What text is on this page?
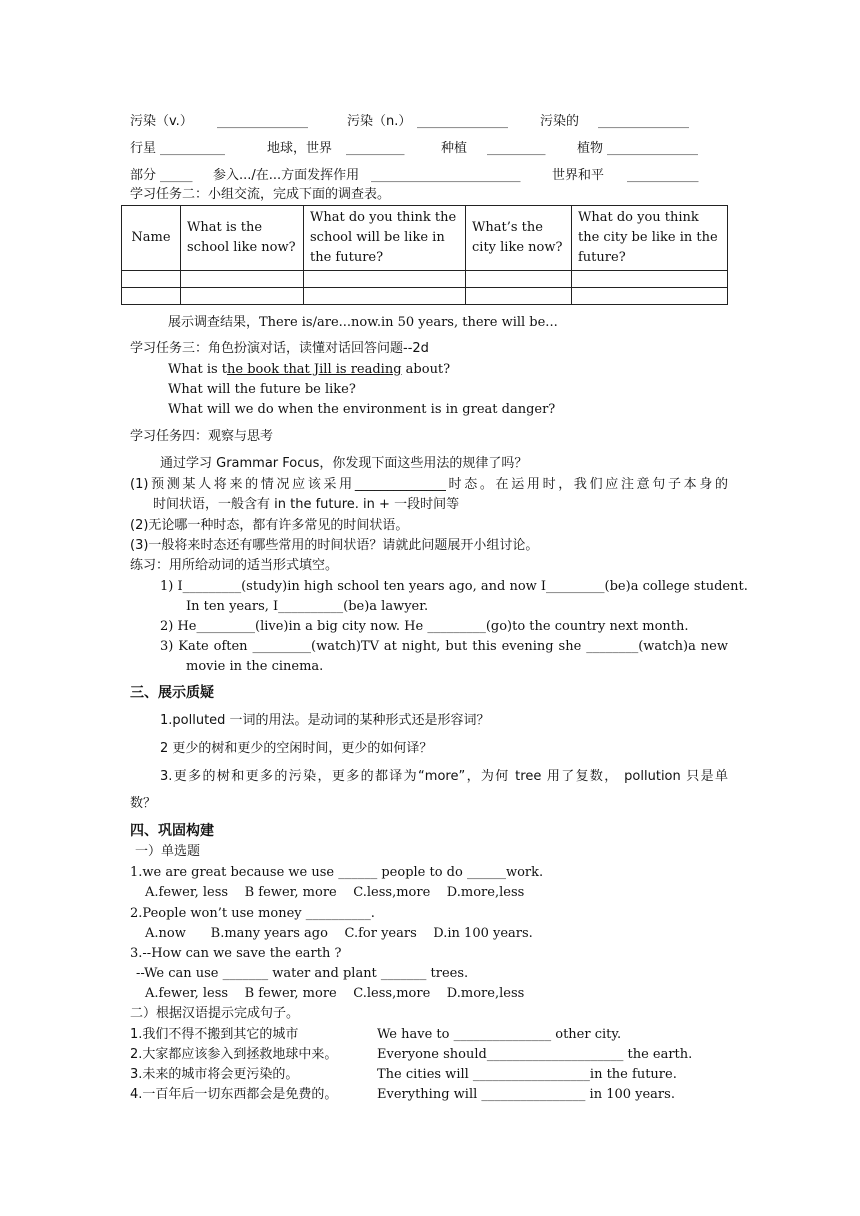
污染（v.） ______________	污染（n.） ______________ 污染的 ______________
行星 __________	地球，世界 _________	种植 _________ 植物 ______________
部分 _____ 参入.../在...方面发挥作用 _______________________ 世界和平 ___________
学习任务二：小组交流，完成下面的调查表。
Name	What is the school like now?	What do you think the school will be like in the future?	What’s the city like now?	What do you think the city be like in the future?

展示调查结果，There is/are...now.in 50 years, there will be...
学习任务三：角色扮演对话，读懂对话回答问题--2d
What is the book that Jill is reading about?
What will the future be like?
What will we do when the environment is in great danger?
学习任务四：观察与思考
通过学习 Grammar Focus，你发现下面这些用法的规律了吗？
(1)预测某人将来的情况应该采用______________时态。在运用时，我们应注意句子本身的
时间状语，一般含有 in the future. in + 一段时间等
(2)无论哪一种时态，都有许多常见的时间状语。
(3)一般将来时态还有哪些常用的时间状语？请就此问题展开小组讨论。
练习：用所给动词的适当形式填空。
1) I_________(study)in high school ten years ago, and now I_________(be)a college student.
In ten years, I__________(be)a lawyer.
2) He_________(live)in a big city now. He _________(go)to the country next month.
3) Kate often _________(watch)TV at night, but this evening she ________(watch)a new
movie in the cinema.
三、展示质疑
1.polluted 一词的用法。是动词的某种形式还是形容词？
2 更少的树和更少的空闲时间，更少的如何译？
3.更多的树和更多的污染，更多的都译为“more”，为何 tree 用了复数， pollution 只是单
数？
四、巩固构建
一）单选题
1.we are great because we use ______ people to do ______work.
A.fewer, less    B fewer, more    C.less,more    D.more,less
2.People won’t use money __________.
A.now      B.many years ago    C.for years    D.in 100 years.
3.--How can we save the earth ?
--We can use _______ water and plant _______ trees.
A.fewer, less    B fewer, more    C.less,more    D.more,less
二）根据汉语提示完成句子。
1.我们不得不搬到其它的城市	We have to _______________ other city.
2.大家都应该参入到拯救地球中来。	Everyone should_____________________ the earth.
3.未来的城市将会更污染的。	The cities will __________________in the future.
4.一百年后一切东西都会是免费的。	Everything will ________________ in 100 years.
